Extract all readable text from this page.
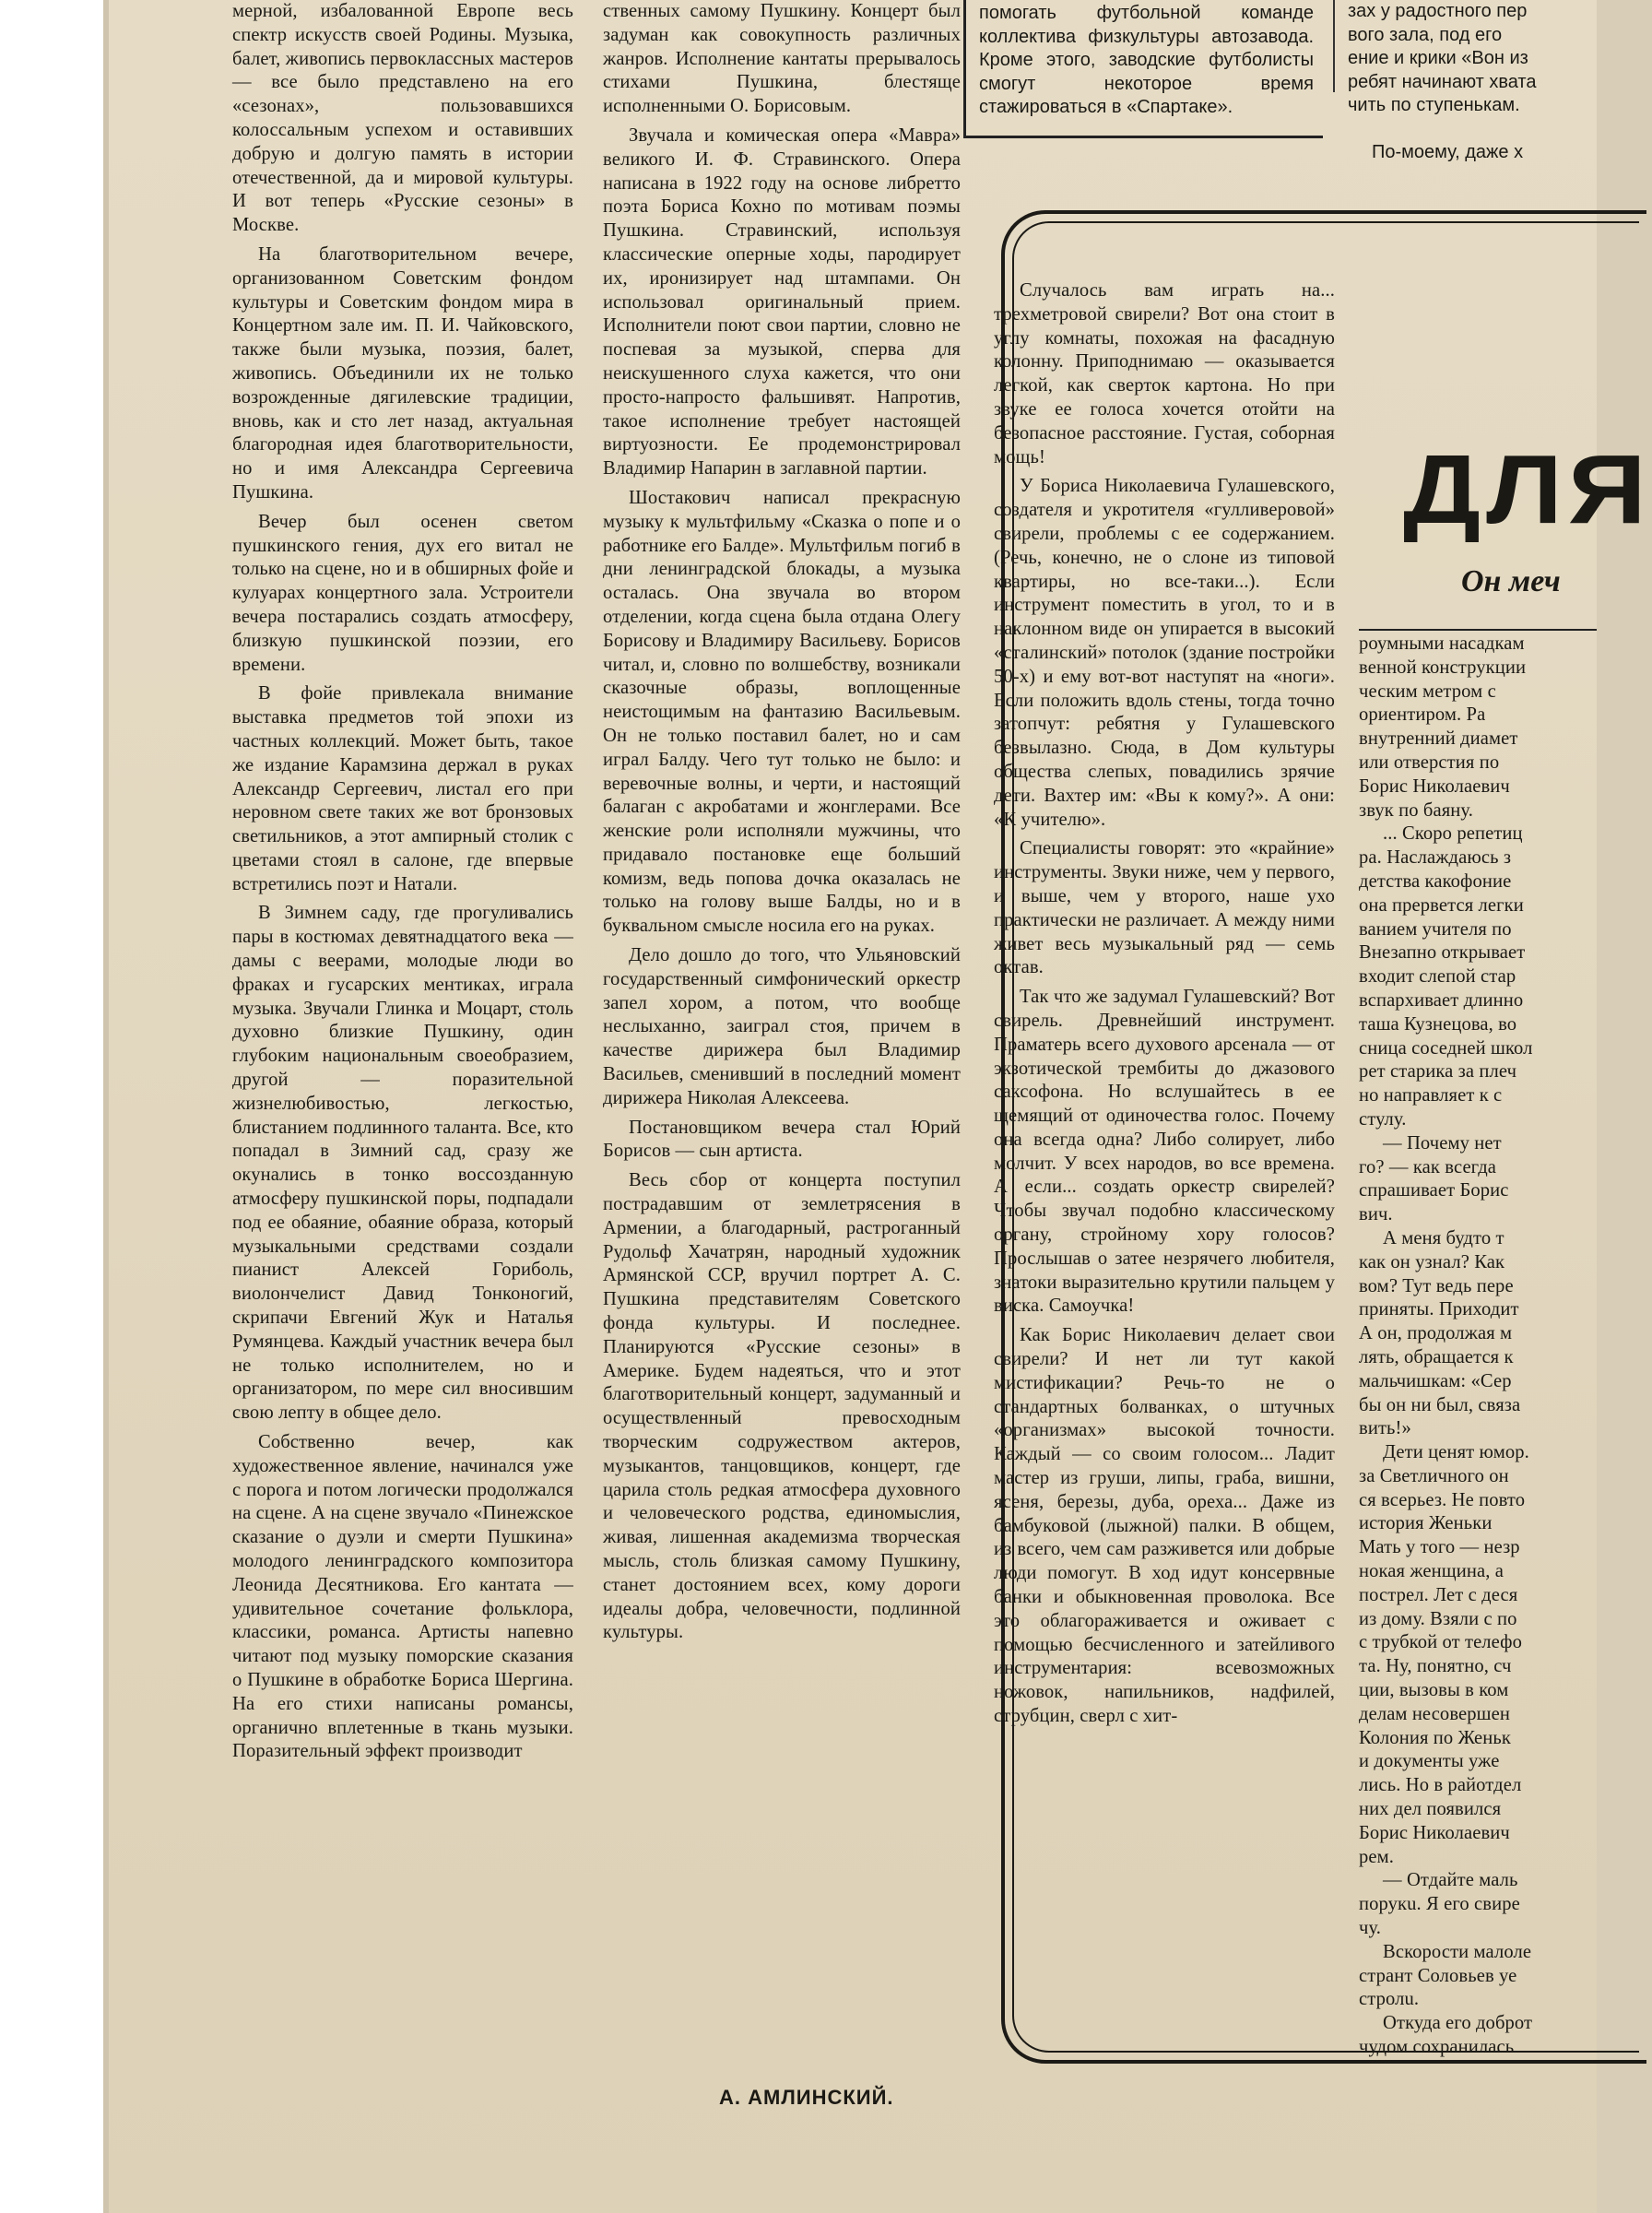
мерной, избалованной Европе весь спектр искусств своей Родины. Музыка, балет, живопись первоклассных мастеров — все было представлено на его «сезонах», пользовавшихся колоссальным успехом и оставивших добрую и долгую память в истории отечественной, да и мировой культуры. И вот теперь «Русские сезоны» в Москве.

На благотворительном вечере, организованном Советским фондом культуры и Советским фондом мира в Концертном зале им. П. И. Чайковского, также были музыка, поэзия, балет, живопись. Объединили их не только возрожденные дягилевские традиции, вновь, как и сто лет назад, актуальная благородная идея благотворительности, но и имя Александра Сергеевича Пушкина.

Вечер был осенен светом пушкинского гения, дух его витал не только на сцене, но и в обширных фойе и кулуарах концертного зала. Устроители вечера постарались создать атмосферу, близкую пушкинской поэзии, его времени.

В фойе привлекала внимание выставка предметов той эпохи из частных коллекций. Может быть, такое же издание Карамзина держал в руках Александр Сергеевич, листал его при неровном свете таких же вот бронзовых светильников, а этот ампирный столик с цветами стоял в салоне, где впервые встретились поэт и Натали.

В Зимнем саду, где прогуливались пары в костюмах девятнадцатого века — дамы с веерами, молодые люди во фраках и гусарских ментиках, играла музыка. Звучали Глинка и Моцарт, столь духовно близкие Пушкину, один глубоким национальным своеобразием, другой — поразительной жизнелюбивостью, легкостью, блистанием подлинного таланта. Все, кто попадал в Зимний сад, сразу же окунались в тонко воссозданную атмосферу пушкинской поры, подпадали под ее обаяние, обаяние образа, который музыкальными средствами создали пианист Алексей Гориболь, виолончелист Давид Тонконогий, скрипачи Евгений Жук и Наталья Румянцева. Каждый участник вечера был не только исполнителем, но и организатором, по мере сил вносившим свою лепту в общее дело.

Собственно вечер, как художественное явление, начинался уже с порога и потом логически продолжался на сцене. А на сцене звучало «Пинежское сказание о дуэли и смерти Пушкина» молодого ленинградского композитора Леонида Десятникова. Его кантата — удивительное сочетание фольклора, классики, романса. Артисты напевно читают под музыку поморские сказания о Пушкине в обработке Бориса Шергина. На его стихи написаны романсы, органично вплетенные в ткань музыки. Поразительный эффект производит

ственных самому Пушкину. Концерт был задуман как совокупность различных жанров. Исполнение кантаты прерывалось стихами Пушкина, блестяще исполненными О. Борисовым.

Звучала и комическая опера «Мавра» великого И. Ф. Стравинского. Опера написана в 1922 году на основе либретто поэта Бориса Кохно по мотивам поэмы Пушкина. Стравинский, используя классические оперные ходы, пародирует их, иронизирует над штампами. Он использовал оригинальный прием. Исполнители поют свои партии, словно не поспевая за музыкой, сперва для неискушенного слуха кажется, что они просто-напросто фальшивят. Напротив, такое исполнение требует настоящей виртуозности. Ее продемонстрировал Владимир Напарин в заглавной партии.

Шостакович написал прекрасную музыку к мультфильму «Сказка о попе и о работнике его Балде». Мультфильм погиб в дни ленинградской блокады, а музыка осталась. Она звучала во втором отделении, когда сцена была отдана Олегу Борисову и Владимиру Васильеву. Борисов читал, и, словно по волшебству, возникали сказочные образы, воплощенные неистощимым на фантазию Васильевым. Он не только поставил балет, но и сам играл Балду. Чего тут только не было: и веревочные волны, и черти, и настоящий балаган с акробатами и жонглерами. Все женские роли исполняли мужчины, что придавало постановке еще больший комизм, ведь попова дочка оказалась не только на голову выше Балды, но и в буквальном смысле носила его на руках.

Дело дошло до того, что Ульяновский государственный симфонический оркестр запел хором, а потом, что вообще неслыханно, заиграл стоя, причем в качестве дирижера был Владимир Васильев, сменивший в последний момент дирижера Николая Алексеева.

Постановщиком вечера стал Юрий Борисов — сын артиста.

Весь сбор от концерта поступил пострадавшим от землетрясения в Армении, а благодарный, растроганный Рудольф Хачатрян, народный художник Армянской ССР, вручил портрет А. С. Пушкина представителям Советского фонда культуры. И последнее. Планируются «Русские сезоны» в Америке. Будем надеяться, что и этот благотворительный концерт, задуманный и осуществленный превосходным творческим содружеством актеров, музыкантов, танцовщиков, концерт, где царила столь редкая атмосфера духовного и человеческого родства, единомыслия, живая, лишенная академизма творческая мысль, столь близкая самому Пушкину, станет достоянием всех, кому дороги идеалы добра, человечности, подлинной культуры.

А. АМЛИНСКИЙ.
помогать футбольной команде коллектива физкультуры автозавода. Кроме этого, заводские футболисты смогут некоторое время стажироваться в «Спартаке».
зах у радостного пер
вого зала, под его
ение и крики «Вон из
ребят начинают хвата
чить по ступенькам.
По-моему, даже х

Случалось вам играть на... трехметровой свирели? Вот она стоит в углу комнаты, похожая на фасадную колонну. Приподнимаю — оказывается легкой, как сверток картона. Но при звуке ее голоса хочется отойти на безопасное расстояние. Густая, соборная мощь!

У Бориса Николаевича Гулашевского, создателя и укротителя «гулливеровой» свирели, проблемы с ее содержанием. (Речь, конечно, не о слоне из типовой квартиры, но все-таки...). Если инструмент поместить в угол, то и в наклонном виде он упирается в высокий «сталинский» потолок (здание постройки 50-х) и ему вот-вот наступят на «ноги». Если положить вдоль стены, тогда точно затопчут: ребятня у Гулашевского безвылазно. Сюда, в Дом культуры общества слепых, повадились зрячие дети. Вахтер им: «Вы к кому?». А они: «К учителю».

Специалисты говорят: это «крайние» инструменты. Звуки ниже, чем у первого, и выше, чем у второго, наше ухо практически не различает. А между ними живет весь музыкальный ряд — семь октав.

Так что же задумал Гулашевский? Вот свирель. Древнейший инструмент. Праматерь всего духового арсенала — от экзотической трембиты до джазового саксофона. Но вслушайтесь в ее щемящий от одиночества голос. Почему она всегда одна? Либо солирует, либо молчит. У всех народов, во все времена. А если... создать оркестр свирелей? Чтобы звучал подобно классическому органу, стройному хору голосов? Прослышав о затее незрячего любителя, знатоки выразительно крутили пальцем у виска. Самоучка!

Как Борис Николаевич делает свои свирели? И нет ли тут какой мистификации? Речь-то не о стандартных болванках, о штучных «организмах» высокой точности. Каждый — со своим голосом... Ладит мастер из груши, липы, граба, вишни, ясеня, березы, дуба, ореха... Даже из бамбуковой (лыжной) палки. В общем, из всего, чем сам разживется или добрые люди помогут. В ход идут консервные банки и обыкновенная проволока. Все это облагораживается и оживает с помощью бесчисленного и затейливого инструментария: всевозможных ножовок, напильников, надфилей, струбцин, сверл с хит-

ДЛЯ
Он меч
роумными насадкам
венной конструкции
ческим метром с
ориентиром. Ра
внутренний диамет
или отверстия по
Борис Николаевич
звук по баяну.
... Скоро репетиц
ра. Наслаждаюсь з
детства какофоние
она прервется легки
ванием учителя по
Внезапно открывает
входит слепой стар
вспархивает длинно
таша Кузнецова, во
сница соседней школ
рет старика за плеч
но направляет к с
стулу.
— Почему нет
го? — как всегда
спрашивает Борис
вич.
А меня будто т
как он узнал? Как
вом? Тут ведь пере
приняты. Приходит
А он, продолжая м
лять, обращается к
мальчишкам: «Сер
бы он ни был, связа
вить!»
Дети ценят юмор.
за Светличного он
ся всерьез. Не повто
история Женьки
Мать у того — незр
нокая женщина, а
пострел. Лет с деся
из дому. Взяли с по
с трубкой от телефо
та. Ну, понятно, сч
ции, вызовы в ком
делам несовершен
Колония по Женьк
и документы уже
лись. Но в райотдел
них дел появился
Борис Николаевич
рем.
— Отдайте маль
порукu. Я его свире
чу.
Вскорости малоле
странт Соловьев уе
стролu.
Откуда его доброт
чудом сохранилась
